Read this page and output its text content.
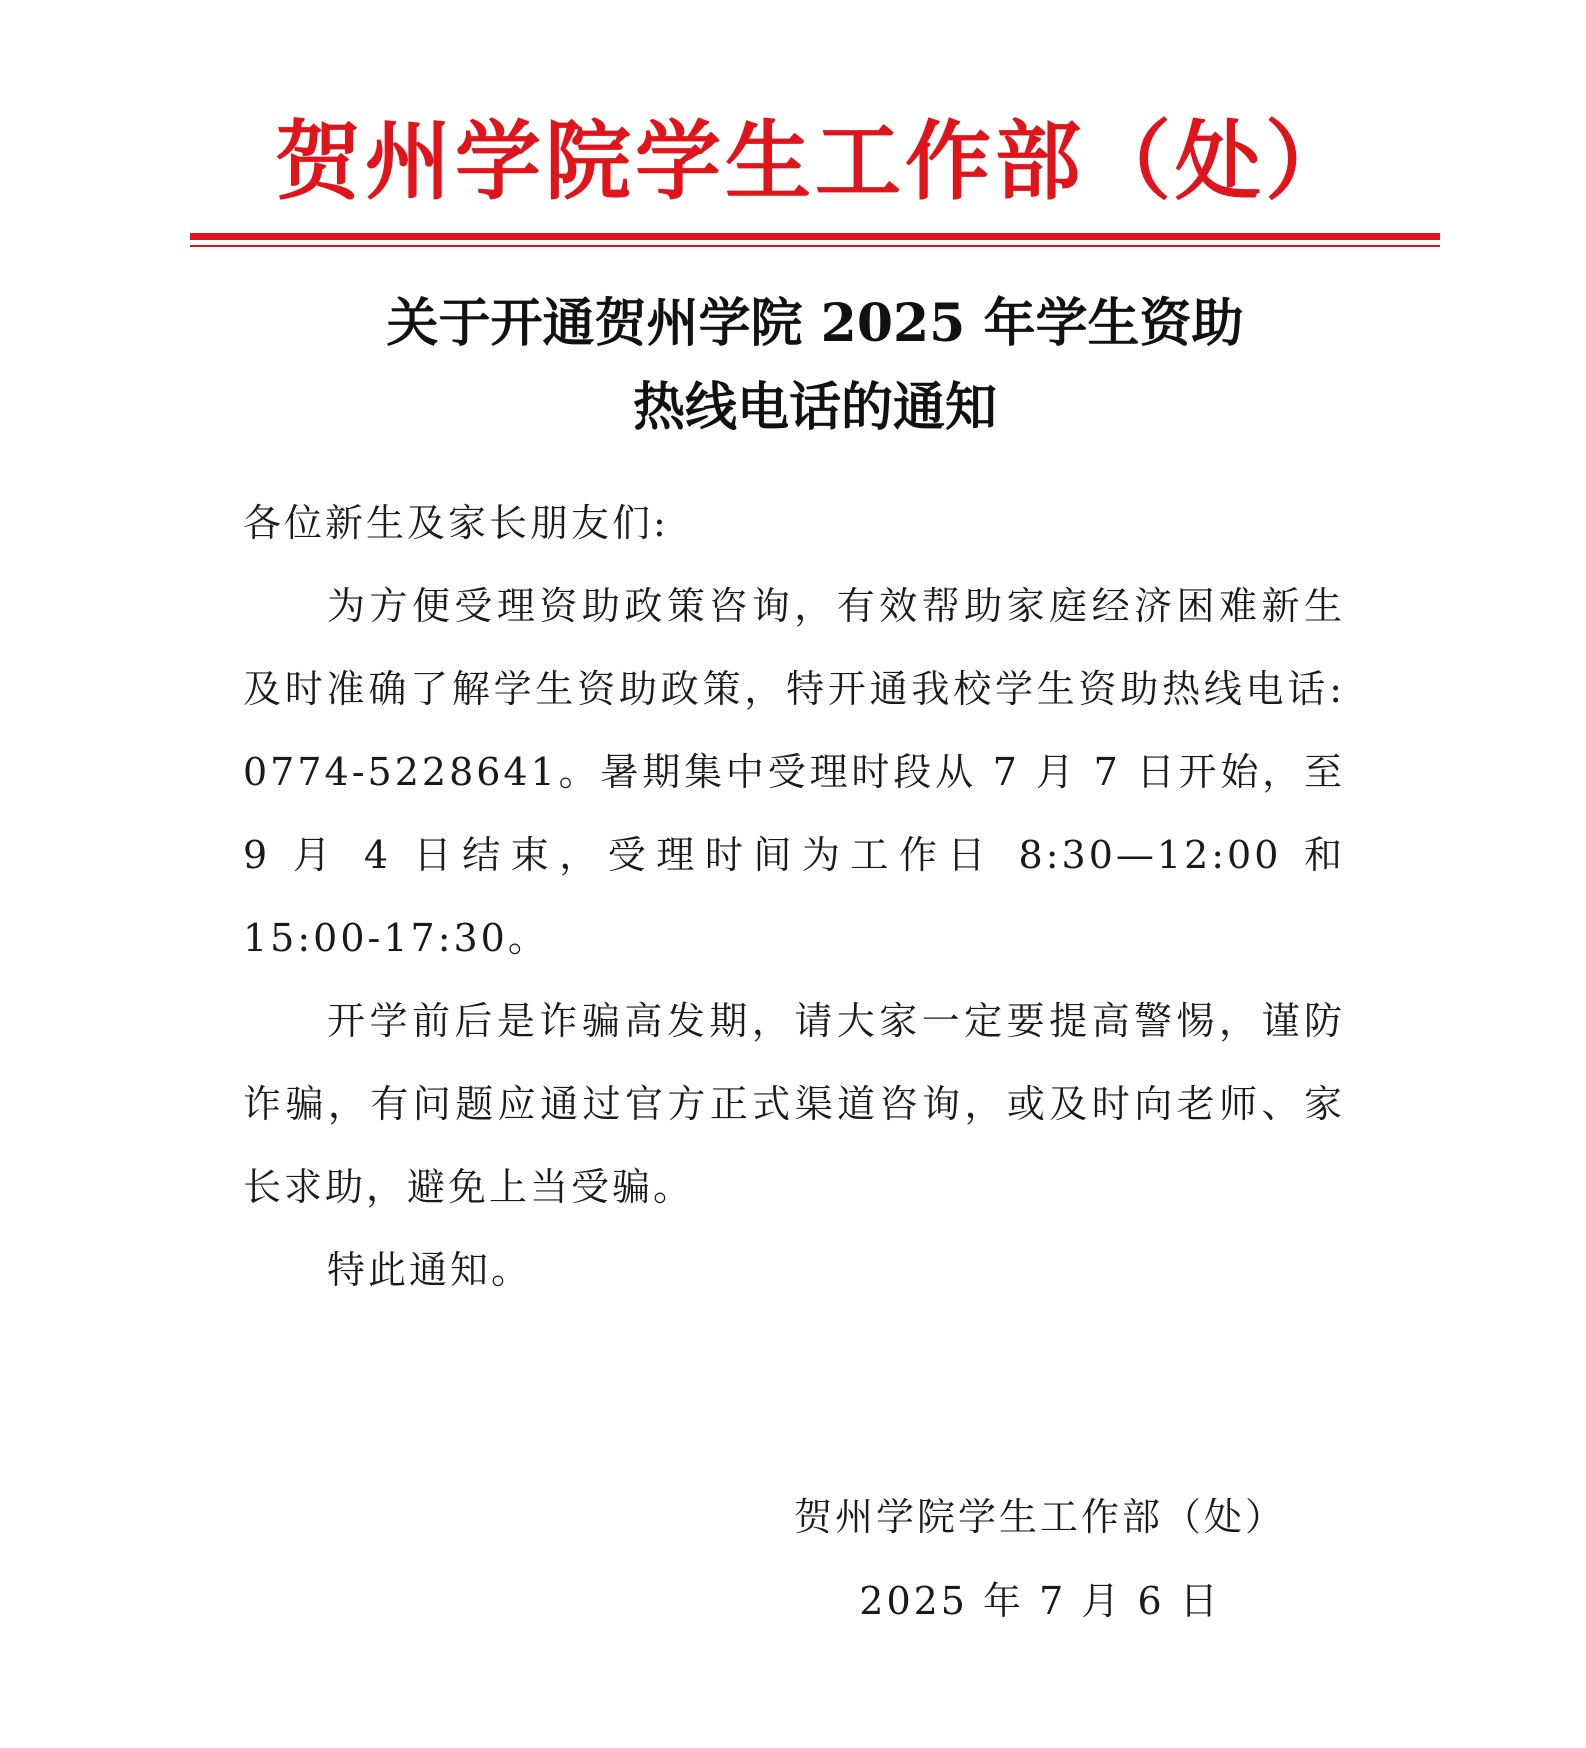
贺州学院学生工作部（处）
关于开通贺州学院 2025 年学生资助
热线电话的通知

各位新生及家长朋友们:

为方便受理资助政策咨询，有效帮助家庭经济困难新生及时准确了解学生资助政策，特开通我校学生资助热线电话: 0774-5228641。暑期集中受理时段从 7 月 7 日开始，至 9 月 4 日结束，受理时间为工作日 8:30—12:00 和 15:00-17:30。

开学前后是诈骗高发期，请大家一定要提高警惕，谨防诈骗，有问题应通过官方正式渠道咨询，或及时向老师、家长求助，避免上当受骗。

特此通知。

贺州学院学生工作部（处）
2025 年 7 月 6 日
